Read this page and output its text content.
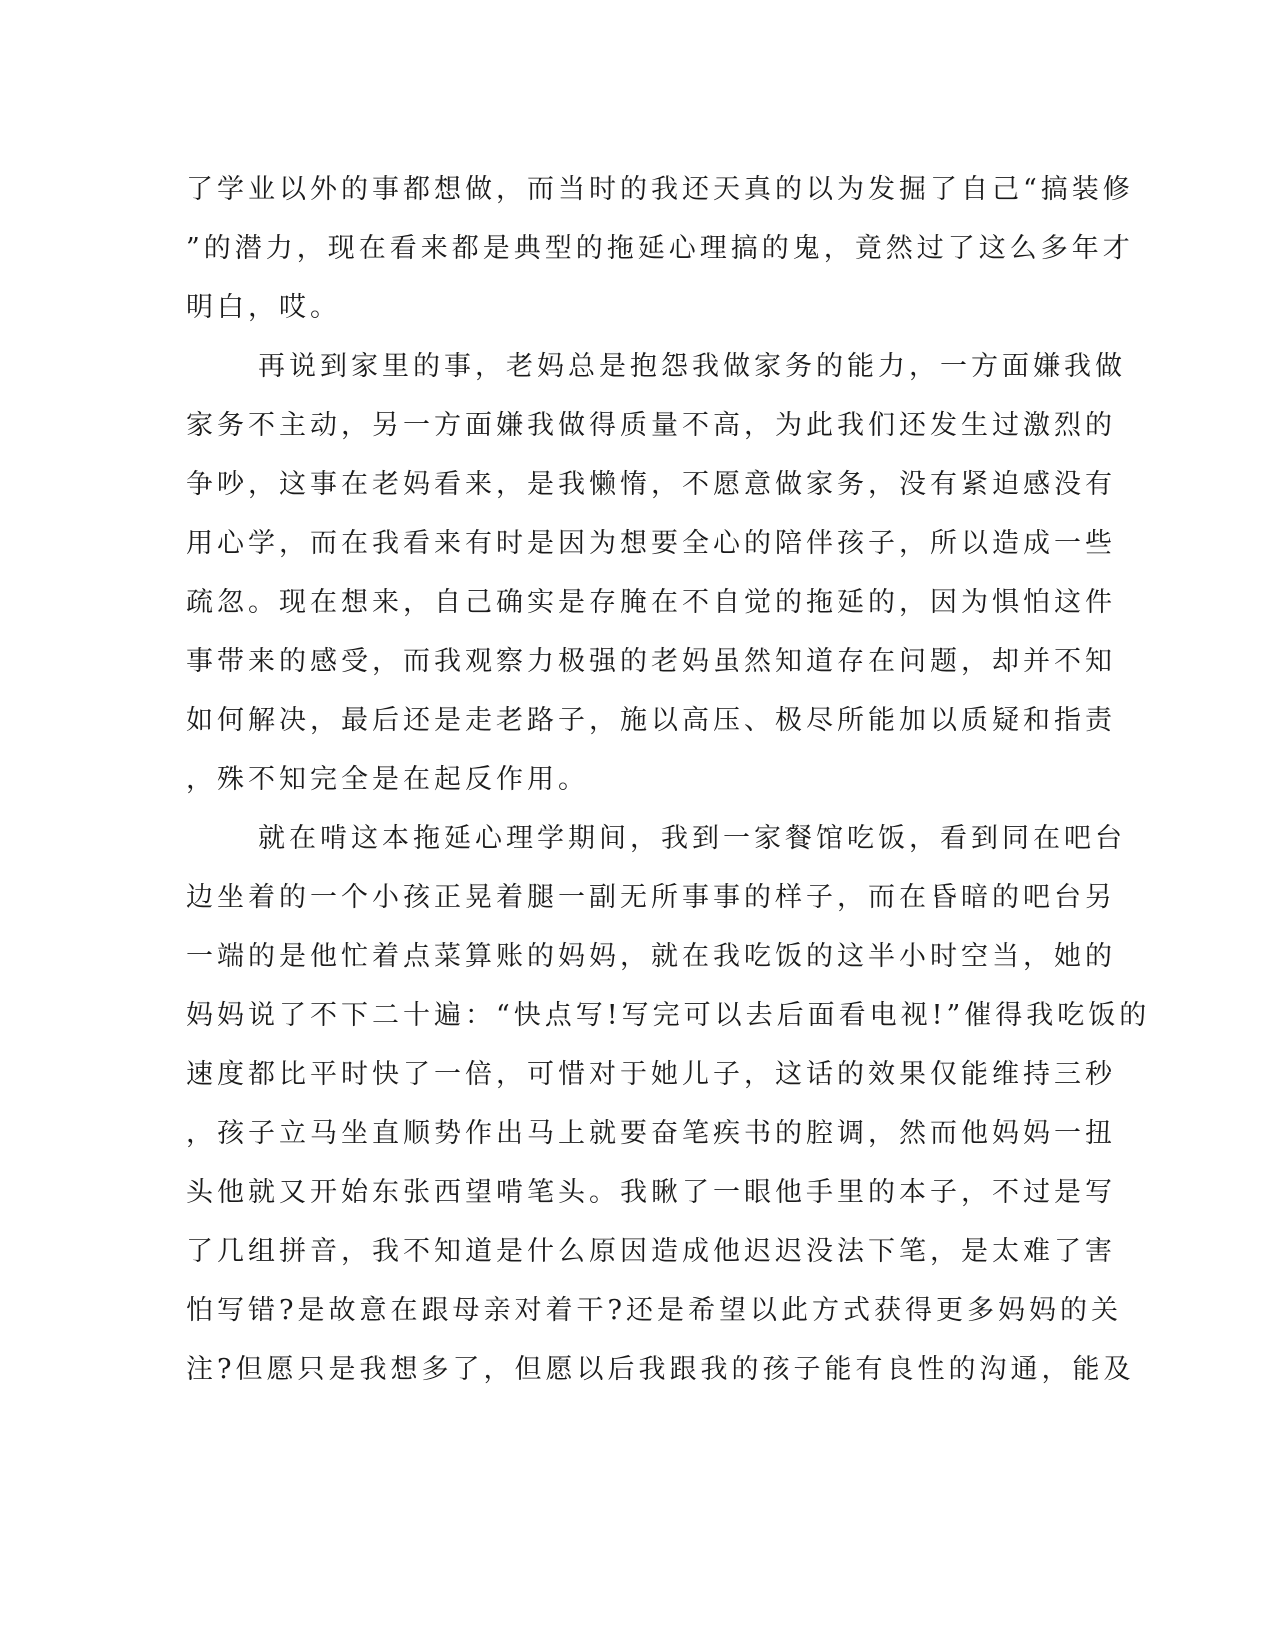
了学业以外的事都想做，而当时的我还天真的以为发掘了自己“搞装修
”的潜力，现在看来都是典型的拖延心理搞的鬼，竟然过了这么多年才
明白，哎。
再说到家里的事，老妈总是抱怨我做家务的能力，一方面嫌我做
家务不主动，另一方面嫌我做得质量不高，为此我们还发生过激烈的
争吵，这事在老妈看来，是我懒惰，不愿意做家务，没有紧迫感没有
用心学，而在我看来有时是因为想要全心的陪伴孩子，所以造成一些
疏忽。现在想来，自己确实是存腌在不自觉的拖延的，因为惧怕这件
事带来的感受，而我观察力极强的老妈虽然知道存在问题，却并不知
如何解决，最后还是走老路子，施以高压、极尽所能加以质疑和指责
，殊不知完全是在起反作用。
就在啃这本拖延心理学期间，我到一家餐馆吃饭，看到同在吧台
边坐着的一个小孩正晃着腿一副无所事事的样子，而在昏暗的吧台另
一端的是他忙着点菜算账的妈妈，就在我吃饭的这半小时空当，她的
妈妈说了不下二十遍：“快点写!写完可以去后面看电视!”催得我吃饭的
速度都比平时快了一倍，可惜对于她儿子，这话的效果仅能维持三秒
，孩子立马坐直顺势作出马上就要奋笔疾书的腔调，然而他妈妈一扭
头他就又开始东张西望啃笔头。我瞅了一眼他手里的本子，不过是写
了几组拼音，我不知道是什么原因造成他迟迟没法下笔，是太难了害
怕写错?是故意在跟母亲对着干?还是希望以此方式获得更多妈妈的关
注?但愿只是我想多了，但愿以后我跟我的孩子能有良性的沟通，能及
